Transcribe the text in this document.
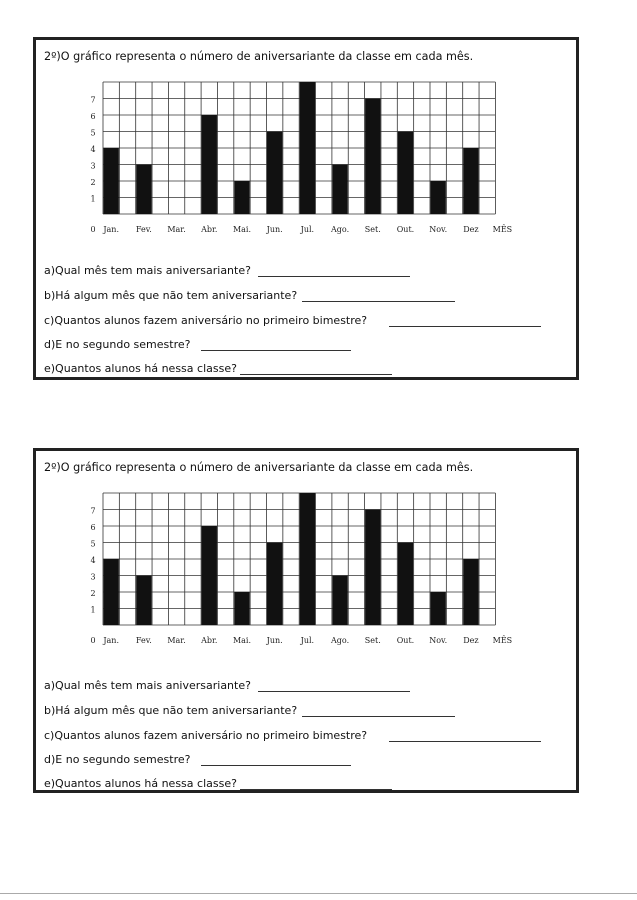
2º)O gráfico representa o número de aniversariante da classe em cada mês.
1
2
3
4
5
6
7
0 Jan. Fev. Mar. Abr. Mai. Jun. Jul. Ago. Set. Out. Nov. Dez MÊS
a)Qual mês tem mais aniversariante?
b)Há algum mês que não tem aniversariante?
c)Quantos alunos fazem aniversário no primeiro bimestre?
d)E no segundo semestre?
e)Quantos alunos há nessa classe?
2º)O gráfico representa o número de aniversariante da classe em cada mês.
1
2
3
4
5
6
7
0 Jan. Fev. Mar. Abr. Mai. Jun. Jul. Ago. Set. Out. Nov. Dez MÊS
a)Qual mês tem mais aniversariante?
b)Há algum mês que não tem aniversariante?
c)Quantos alunos fazem aniversário no primeiro bimestre?
d)E no segundo semestre?
e)Quantos alunos há nessa classe?
